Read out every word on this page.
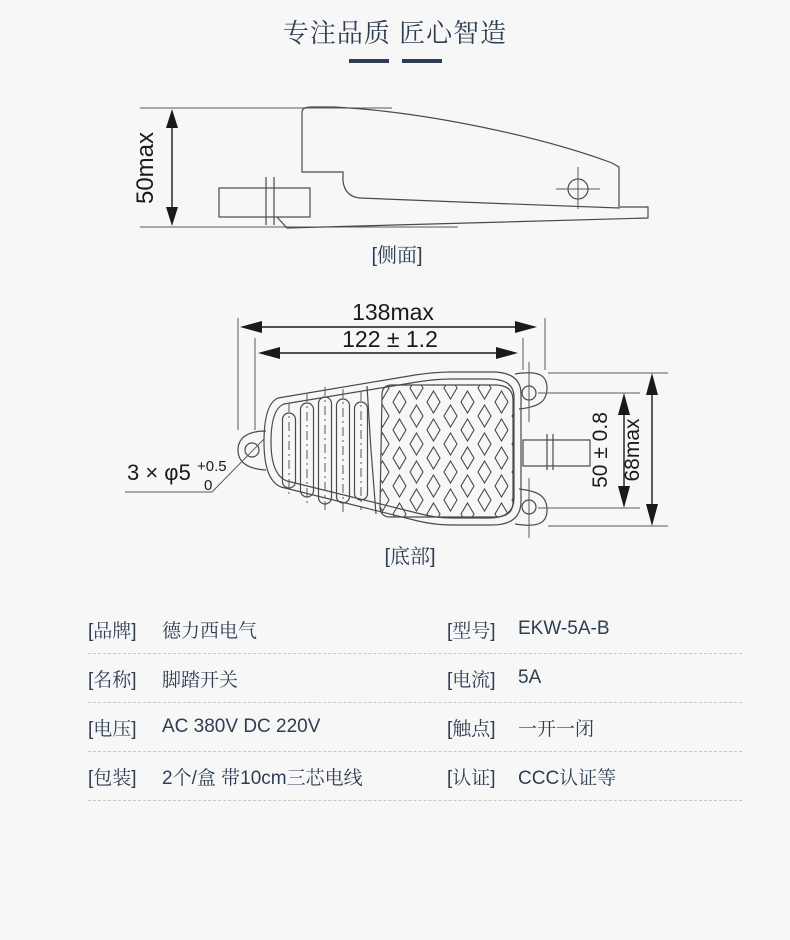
专注品质 匠心智造
50max
[侧面]
138max
122 ± 1.2
50 ± 0.8 68max
3 × φ5 +0.5
0
[底部]
[品牌]	德力西电气	[型号]	EKW-5A-B
[名称]	脚踏开关	[电流]	5A
[电压]	AC 380V DC 220V	[触点]	一开一闭
[包装]	2个/盒 带10cm三芯电线	[认证]	CCC认证等
